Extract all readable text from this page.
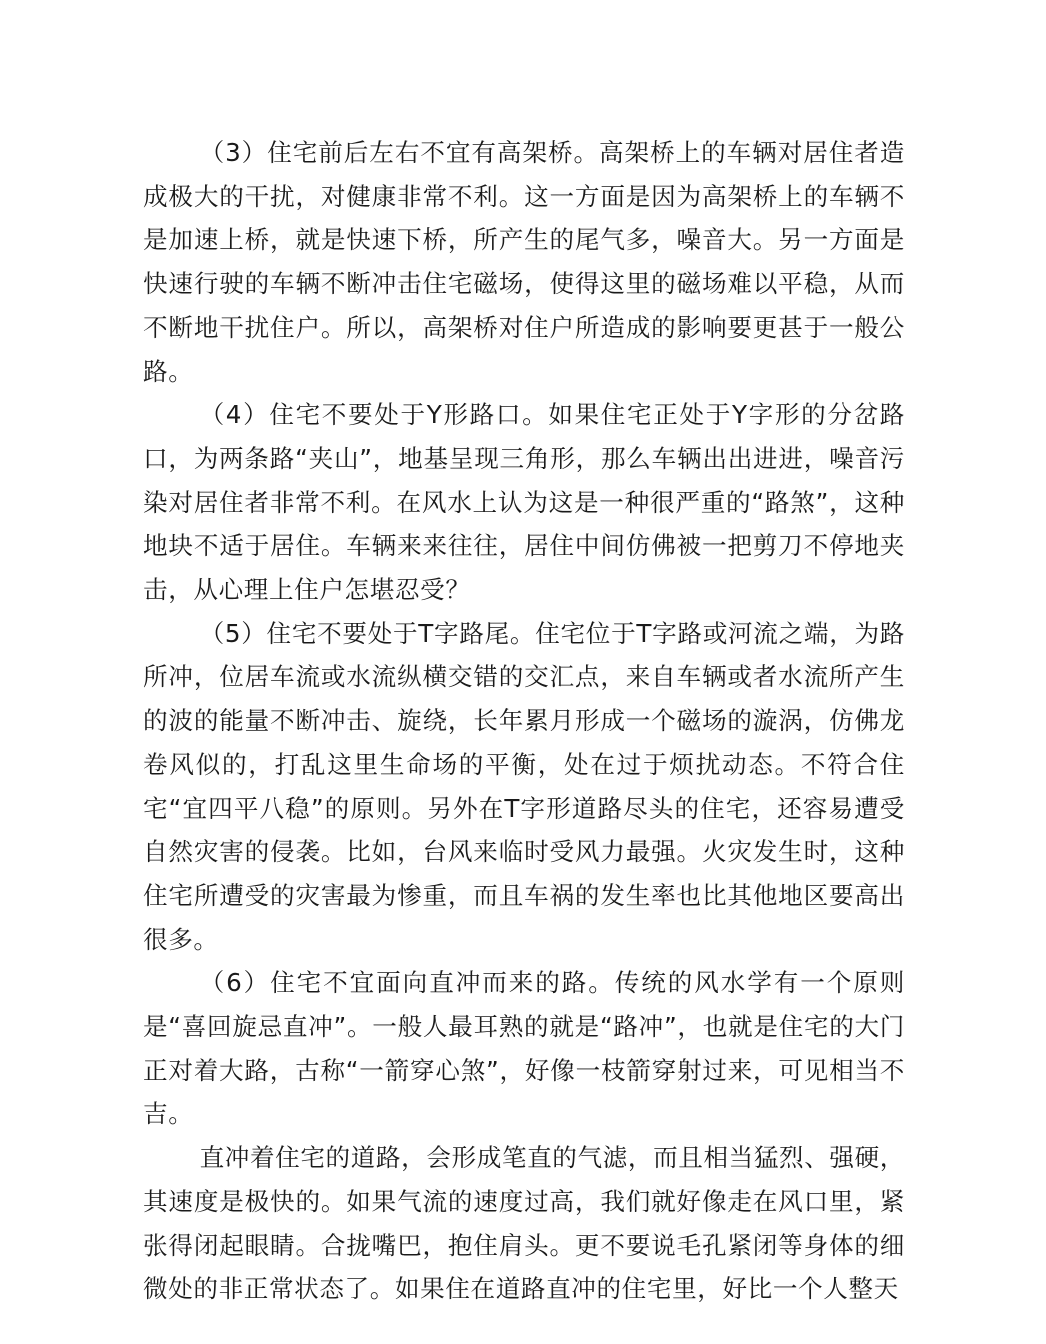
（3）住宅前后左右不宜有高架桥。高架桥上的车辆对居住者造成极大的干扰，对健康非常不利。这一方面是因为高架桥上的车辆不是加速上桥，就是快速下桥，所产生的尾气多，噪音大。另一方面是快速行驶的车辆不断冲击住宅磁场，使得这里的磁场难以平稳，从而不断地干扰住户。所以，高架桥对住户所造成的影响要更甚于一般公路。

（4）住宅不要处于Y形路口。如果住宅正处于Y字形的分岔路口，为两条路“夹山”，地基呈现三角形，那么车辆出出进进，噪音污染对居住者非常不利。在风水上认为这是一种很严重的“路煞”，这种地块不适于居住。车辆来来往往，居住中间仿佛被一把剪刀不停地夹击，从心理上住户怎堪忍受？

（5）住宅不要处于T字路尾。住宅位于T字路或河流之端，为路所冲，位居车流或水流纵横交错的交汇点，来自车辆或者水流所产生的波的能量不断冲击、旋绕，长年累月形成一个磁场的漩涡，仿佛龙卷风似的，打乱这里生命场的平衡，处在过于烦扰动态。不符合住宅“宜四平八稳”的原则。另外在T字形道路尽头的住宅，还容易遭受自然灾害的侵袭。比如，台风来临时受风力最强。火灾发生时，这种住宅所遭受的灾害最为惨重，而且车祸的发生率也比其他地区要高出很多。

（6）住宅不宜面向直冲而来的路。传统的风水学有一个原则是“喜回旋忌直冲”。一般人最耳熟的就是“路冲”，也就是住宅的大门正对着大路，古称“一箭穿心煞”，好像一枝箭穿射过来，可见相当不吉。

直冲着住宅的道路，会形成笔直的气滤，而且相当猛烈、强硬，其速度是极快的。如果气流的速度过高，我们就好像走在风口里，紧张得闭起眼睛。合拢嘴巴，抱住肩头。更不要说毛孔紧闭等身体的细微处的非正常状态了。如果住在道路直冲的住宅里，好比一个人整天
